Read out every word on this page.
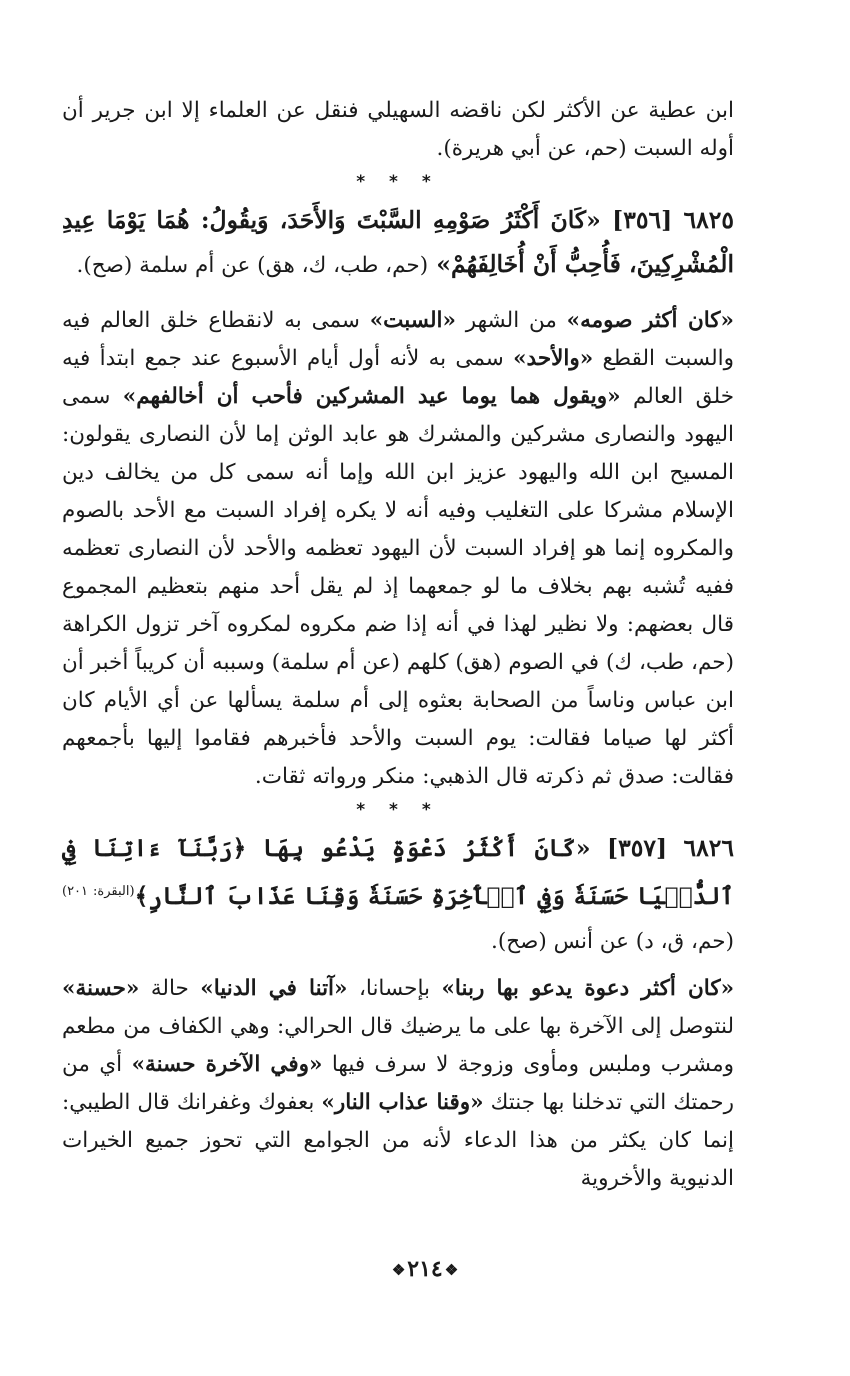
ابن عطية عن الأكثر لكن ناقضه السهيلي فنقل عن العلماء إلا ابن جرير أن أوله السبت (حم، عن أبي هريرة).

* * *

٦٨٢٥ [٣٥٦] «كَانَ أَكْثَرُ صَوْمِهِ السَّبْتَ وَالأَحَدَ، وَيقُولُ: هُمَا يَوْمَا عِيدِ الْمُشْرِكِينَ، فَأُحِبُّ أَنْ أُخَالِفَهُمْ» (حم، طب، ك، هق) عن أم سلمة (صح).

«كان أكثر صومه» من الشهر «السبت» سمى به لانقطاع خلق العالم فيه والسبت القطع «والأحد» سمى به لأنه أول أيام الأسبوع عند جمع ابتدأ فيه خلق العالم «ويقول هما يوما عيد المشركين فأحب أن أخالفهم» سمى اليهود والنصارى مشركين والمشرك هو عابد الوثن إما لأن النصارى يقولون: المسيح ابن الله واليهود عزيز ابن الله وإما أنه سمى كل من يخالف دين الإسلام مشركا على التغليب وفيه أنه لا يكره إفراد السبت مع الأحد بالصوم والمكروه إنما هو إفراد السبت لأن اليهود تعظمه والأحد لأن النصارى تعظمه ففيه تُشبه بهم بخلاف ما لو جمعهما إذ لم يقل أحد منهم بتعظيم المجموع قال بعضهم: ولا نظير لهذا في أنه إذا ضم مكروه لمكروه آخر تزول الكراهة (حم، طب، ك) في الصوم (هق) كلهم (عن أم سلمة) وسببه أن كريباً أخبر أن ابن عباس وناساً من الصحابة بعثوه إلى أم سلمة يسألها عن أي الأيام كان أكثر لها صياما فقالت: يوم السبت والأحد فأخبرهم فقاموا إليها بأجمعهم فقالت: صدق ثم ذكرته قال الذهبي: منكر ورواته ثقات.

* * *

٦٨٢٦ [٣٥٧] «كَانَ أَكْثَرُ دَعْوَةٍ يَدْعُو بِهَا ﴿رَبَّنَآ ءَاتِنَا فِي ٱلدُّنۡيَا حَسَنَةٗ وَفِي ٱلۡأٓخِرَةِ حَسَنَةٗ وَقِنَا عَذَابَ ٱلنَّارِ﴾$^{(البقرة: ٢٠١)}$ (حم، ق، د) عن أنس (صح).

«كان أكثر دعوة يدعو بها ربنا» بإحسانا، «آتنا في الدنيا» حالة «حسنة» لنتوصل إلى الآخرة بها على ما يرضيك قال الحرالي: وهي الكفاف من مطعم ومشرب وملبس ومأوى وزوجة لا سرف فيها «وفي الآخرة حسنة» أي من رحمتك التي تدخلنا بها جنتك «وقنا عذاب النار» بعفوك وغفرانك قال الطيبي: إنما كان يكثر من هذا الدعاء لأنه من الجوامع التي تحوز جميع الخيرات الدنيوية والأخروية

❖٢١٤❖
